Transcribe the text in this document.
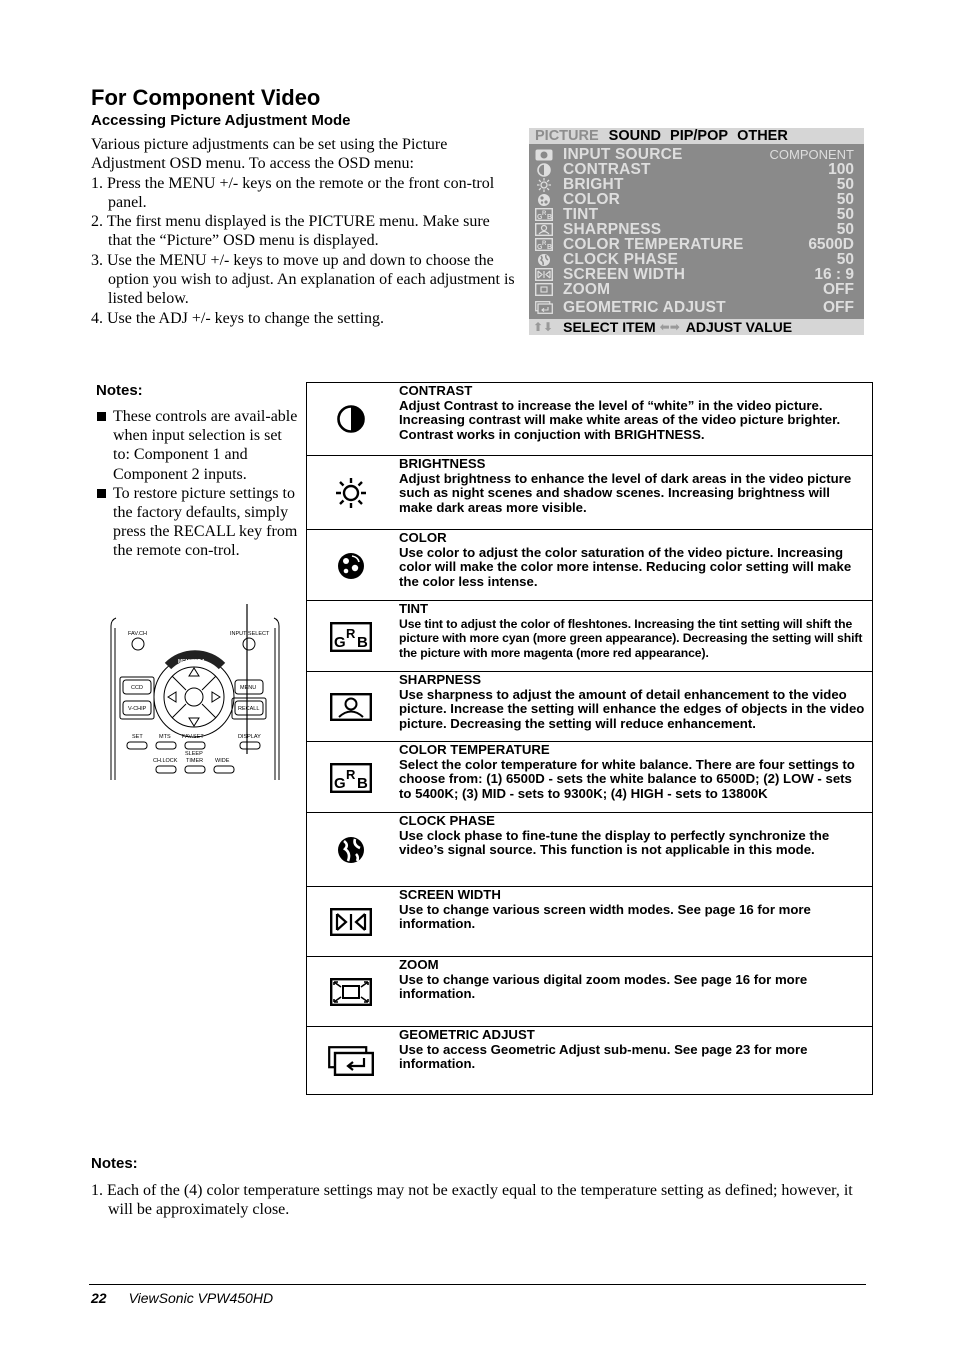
For Component Video
Accessing Picture Adjustment Mode

Various picture adjustments can be set using the Picture Adjustment OSD menu. To access the OSD menu:

1. Press the MENU +/- keys on the remote or the front con-trol panel.
2. The first menu displayed is the PICTURE menu. Make sure that the “Picture” OSD menu is displayed.
3. Use the MENU +/- keys to move up and down to choose the option you wish to adjust. An explanation of each adjustment is listed below.
4. Use the ADJ +/- keys to change the setting.
PICTURE SOUND PIP/POP OTHER
INPUT SOURCE	COMPONENT
CONTRAST	100
BRIGHT	50
COLOR	50
G R B TINT	50
SHARPNESS	50
G R B COLOR TEMPERATURE	6500D
CLOCK PHASE	50
SCREEN WIDTH	16 : 9
ZOOM	OFF
GEOMETRIC ADJUST	OFF
⬆⬇ SELECT ITEM ⬅➡ ADJUST VALUE
Notes:
These controls are avail-able when input selection is set to: Component 1 and Component 2 inputs.
To restore picture settings to the factory defaults, simply press the RECALL key from the remote con-trol.
FAV.CH	INPUT SELECT
MENU/ADJ
CCD
V-CHIP
MENU
RECALL
SET	MTS FAV.SET	DISPLAY
CH.LOCK
SLEEP
TIMER WIDE
CONTRAST
Adjust Contrast to increase the level of “white” in the video picture. Increasing contrast will make white areas of the video picture brighter. Contrast works in conjuction with BRIGHTNESS.
BRIGHTNESS
Adjust brightness to enhance the level of dark areas in the video picture such as night scenes and shadow scenes. Increasing brightness will make dark areas more visible.
COLOR
Use color to adjust the color saturation of the video picture. Increasing color will make the color more intense. Reducing color setting will make the color less intense.
G
R
B
TINT
Use tint to adjust the color of fleshtones. Increasing the tint setting will shift the picture with more cyan (more green appearance). Decreasing the setting will shift the picture with more magenta (more red appearance).
SHARPNESS
Use sharpness to adjust the amount of detail enhancement to the video picture. Increase the setting will enhance the edges of objects in the video picture. Decreasing the setting will reduce enhancement.
G
R
B
COLOR TEMPERATURE
Select the color temperature for white balance. There are four settings to choose from: (1) 6500D - sets the white balance to 6500D; (2) LOW - sets to 5400K; (3) MID - sets to 9300K; (4) HIGH - sets to 13800K
CLOCK PHASE
Use clock phase to fine-tune the display to perfectly synchronize the video’s signal source. This function is not applicable in this mode.
SCREEN WIDTH
Use to change various screen width modes. See page 16 for more information.
ZOOM
Use to change various digital zoom modes. See page 16 for more information.
GEOMETRIC ADJUST
Use to access Geometric Adjust sub-menu. See page 23 for more information.
Notes:
1. Each of the (4) color temperature settings may not be exactly equal to the temperature setting as defined; however, it will be approximately close.
22 ViewSonic VPW450HD
